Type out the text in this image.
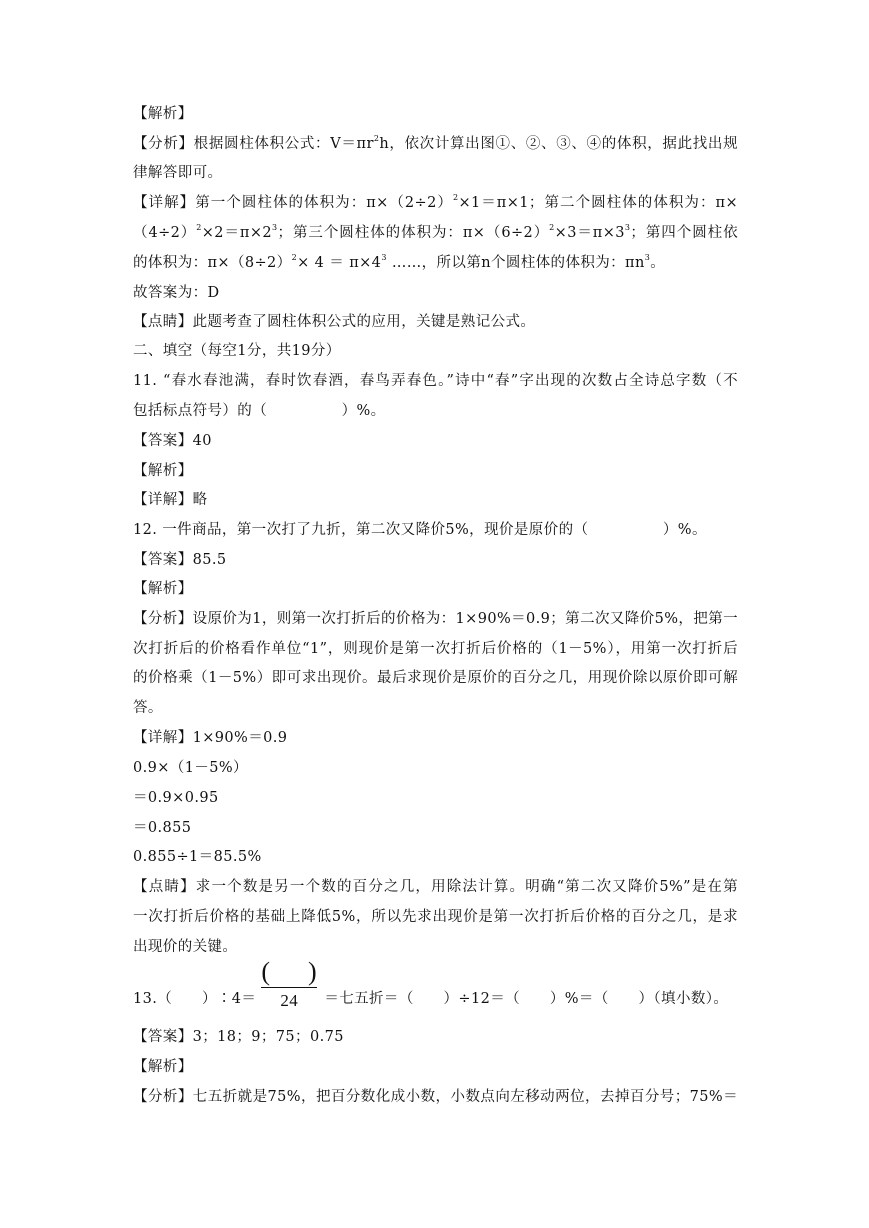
【解析】
【分析】根据圆柱体积公式：$V=\pi r^2h$，依次计算出图①、②、③、④的体积，据此找出规
律解答即可。
【详解】第一个圆柱体的体积为：$\pi\times(2\div 2)^2\times 1=\pi\times 1$；第二个圆柱体的体积为：π×
$(4\div 2)^2\times 2=\pi\times 2^3$；第三个圆柱体的体积为：$\pi\times(6\div 2)^2\times 3=\pi\times 3^3$；第四个圆柱依
的体积为：$\pi\times(8\div 2)^2\times 4 = \pi\times 4^3$ ……，所以第n个圆柱体的体积为：$\pi n^3$。
故答案为：D
【点睛】此题考查了圆柱体积公式的应用，关键是熟记公式。
二、填空（每空1分，共19分）
11. “春水春池满，春时饮春酒，春鸟弄春色。”诗中“春”字出现的次数占全诗总字数（不
包括标点符号）的（　　　　　）%。
【答案】40
【解析】
【详解】略
12. 一件商品，第一次打了九折，第二次又降价5%，现价是原价的（　　　　　）%。
【答案】85.5
【解析】
【分析】设原价为1，则第一次打折后的价格为：1×90%＝0.9；第二次又降价5%，把第一
次打折后的价格看作单位“1”，则现价是第一次打折后价格的（1－5%），用第一次打折后
的价格乘（1－5%）即可求出现价。最后求现价是原价的百分之几，用现价除以原价即可解
答。
【详解】1×90%＝0.9
0.9×（1－5%）
＝0.9×0.95
＝0.855
0.855÷1＝85.5%
【点睛】求一个数是另一个数的百分之几，用除法计算。明确“第二次又降价5%”是在第
一次打折后价格的基础上降低5%，所以先求出现价是第一次打折后价格的百分之几，是求
出现价的关键。
13.（　　）∶4＝
(　)
24	＝七五折＝（　　）÷12＝（　　）%＝（　　）（填小数）。
【答案】3；18；9；75；0.75
【解析】
【分析】七五折就是75%，把百分数化成小数，小数点向左移动两位，去掉百分号；75%＝
